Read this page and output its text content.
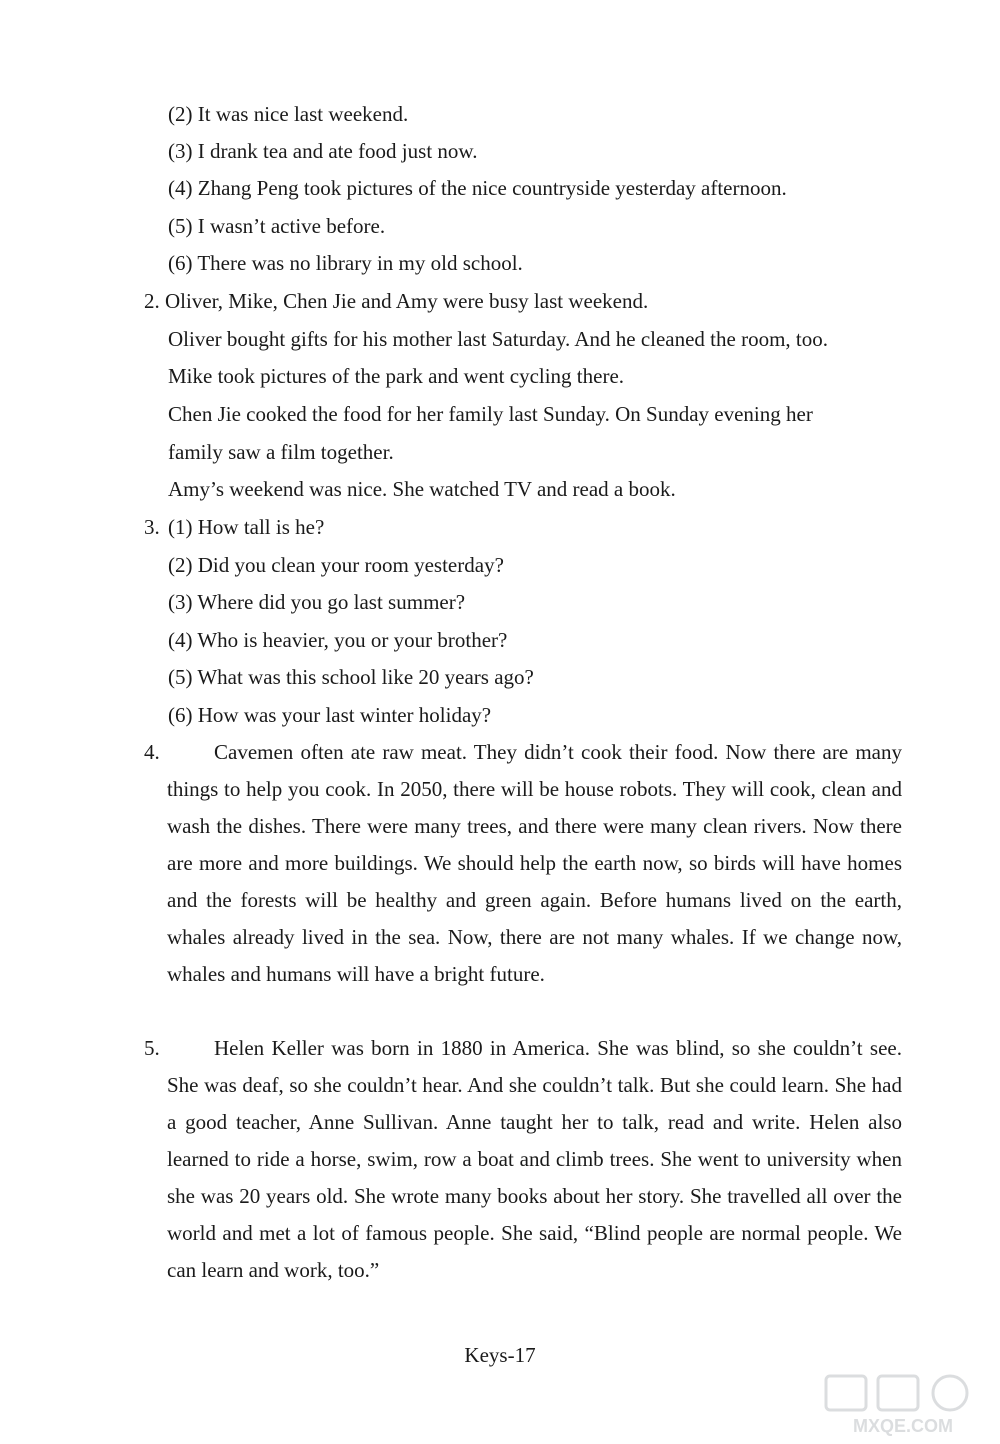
(2) It was nice last weekend.
(3) I drank tea and ate food just now.
(4) Zhang Peng took pictures of the nice countryside yesterday afternoon.
(5) I wasn’t active before.
(6) There was no library in my old school.
2. Oliver, Mike, Chen Jie and Amy were busy last weekend.
Oliver bought gifts for his mother last Saturday. And he cleaned the room, too.
Mike took pictures of the park and went cycling there.
Chen Jie cooked the food for her family last Sunday. On Sunday evening her
family saw a film together.
Amy’s weekend was nice. She watched TV and read a book.
3. (1) How tall is he?
(2) Did you clean your room yesterday?
(3) Where did you go last summer?
(4) Who is heavier, you or your brother?
(5) What was this school like 20 years ago?
(6) How was your last winter holiday?
4.	Cavemen often ate raw meat. They didn’t cook their food. Now there are many things to help you cook. In 2050, there will be house robots. They will cook, clean and wash the dishes. There were many trees, and there were many clean rivers. Now there are more and more buildings. We should help the earth now, so birds will have homes and the forests will be healthy and green again. Before humans lived on the earth, whales already lived in the sea. Now, there are not many whales. If we change now, whales and humans will have a bright future.
5.	Helen Keller was born in 1880 in America. She was blind, so she couldn’t see. She was deaf, so she couldn’t hear. And she couldn’t talk. But she could learn. She had a good teacher, Anne Sullivan. Anne taught her to talk, read and write. Helen also learned to ride a horse, swim, row a boat and climb trees. She went to university when she was 20 years old. She wrote many books about her story. She travelled all over the world and met a lot of famous people. She said, “Blind people are normal people. We can learn and work, too.”
Keys-17
MXQE.COM
